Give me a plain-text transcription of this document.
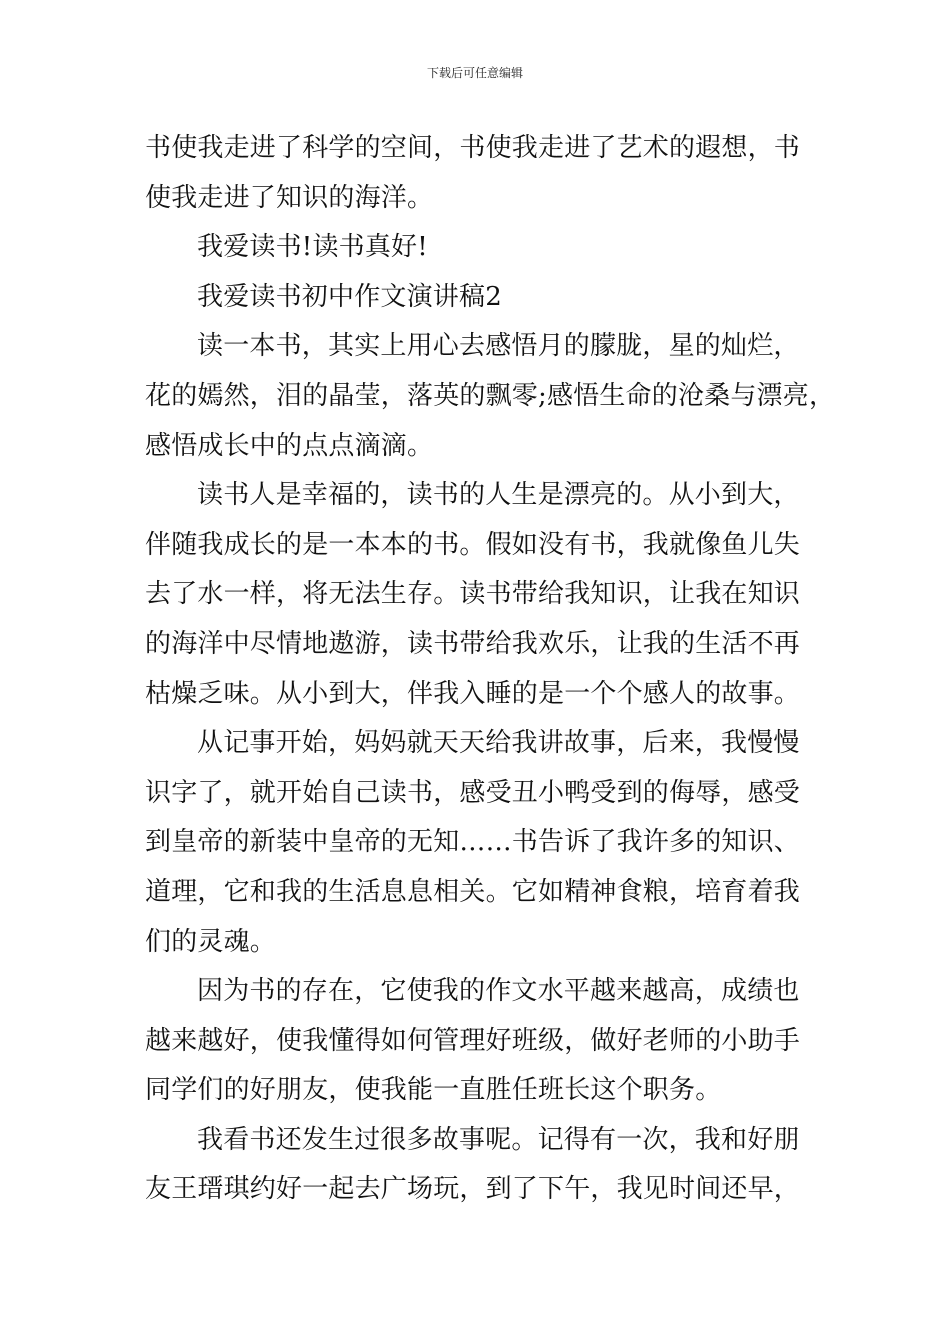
下载后可任意编辑
书使我走进了科学的空间，书使我走进了艺术的遐想，书
使我走进了知识的海洋。
我爱读书!读书真好!
我爱读书初中作文演讲稿2
读一本书，其实上用心去感悟月的朦胧，星的灿烂，
花的嫣然，泪的晶莹，落英的飘零;感悟生命的沧桑与漂亮，
感悟成长中的点点滴滴。
读书人是幸福的，读书的人生是漂亮的。从小到大，
伴随我成长的是一本本的书。假如没有书，我就像鱼儿失
去了水一样，将无法生存。读书带给我知识，让我在知识
的海洋中尽情地遨游，读书带给我欢乐，让我的生活不再
枯燥乏味。从小到大，伴我入睡的是一个个感人的故事。
从记事开始，妈妈就天天给我讲故事，后来，我慢慢
识字了，就开始自己读书，感受丑小鸭受到的侮辱，感受
到皇帝的新装中皇帝的无知……书告诉了我许多的知识、
道理，它和我的生活息息相关。它如精神食粮，培育着我
们的灵魂。
因为书的存在，它使我的作文水平越来越高，成绩也
越来越好，使我懂得如何管理好班级，做好老师的小助手
同学们的好朋友，使我能一直胜任班长这个职务。
我看书还发生过很多故事呢。记得有一次，我和好朋
友王瑨琪约好一起去广场玩，到了下午，我见时间还早，
